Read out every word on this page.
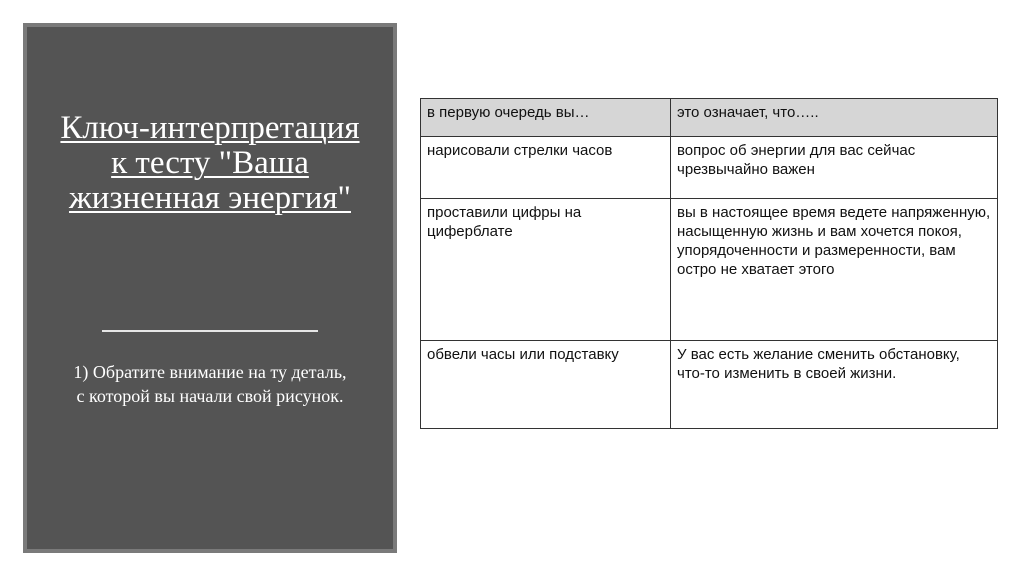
Ключ-интерпретация к тесту "Ваша жизненная энергия"

1) Обратите внимание на ту деталь, с которой вы начали свой рисунок.

в первую очередь вы…	это означает, что…..
нарисовали стрелки часов	вопрос об энергии для вас сейчас чрезвычайно важен
проставили цифры на циферблате	вы в настоящее время ведете напряженную, насыщенную жизнь и вам хочется покоя, упорядоченности и размеренности, вам остро не хватает этого
обвели часы или подставку	У вас есть желание сменить обстановку, что-то изменить в своей жизни.
